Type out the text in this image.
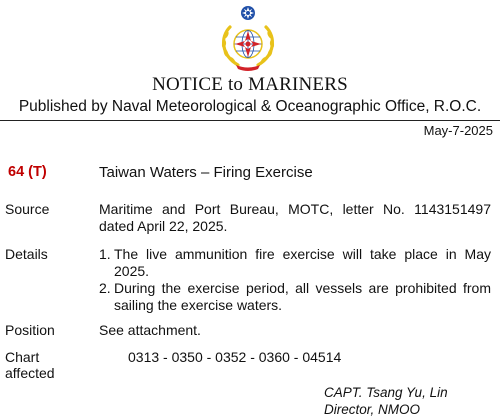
NOTICE to MARINERS
Published by Naval Meteorological & Oceanographic Office, R.O.C.
May-7-2025
64 (T)	Taiwan Waters – Firing Exercise
Source	Maritime and Port Bureau, MOTC, letter No. 1143151497 dated April 22, 2025.
Details	1. The live ammunition fire exercise will take place in May 2025.
2. During the exercise period, all vessels are prohibited from sailing the exercise waters.
Position	See attachment.
Chart affected
0313 - 0350 - 0352 - 0360 - 04514
CAPT. Tsang Yu, Lin
Director, NMOO
